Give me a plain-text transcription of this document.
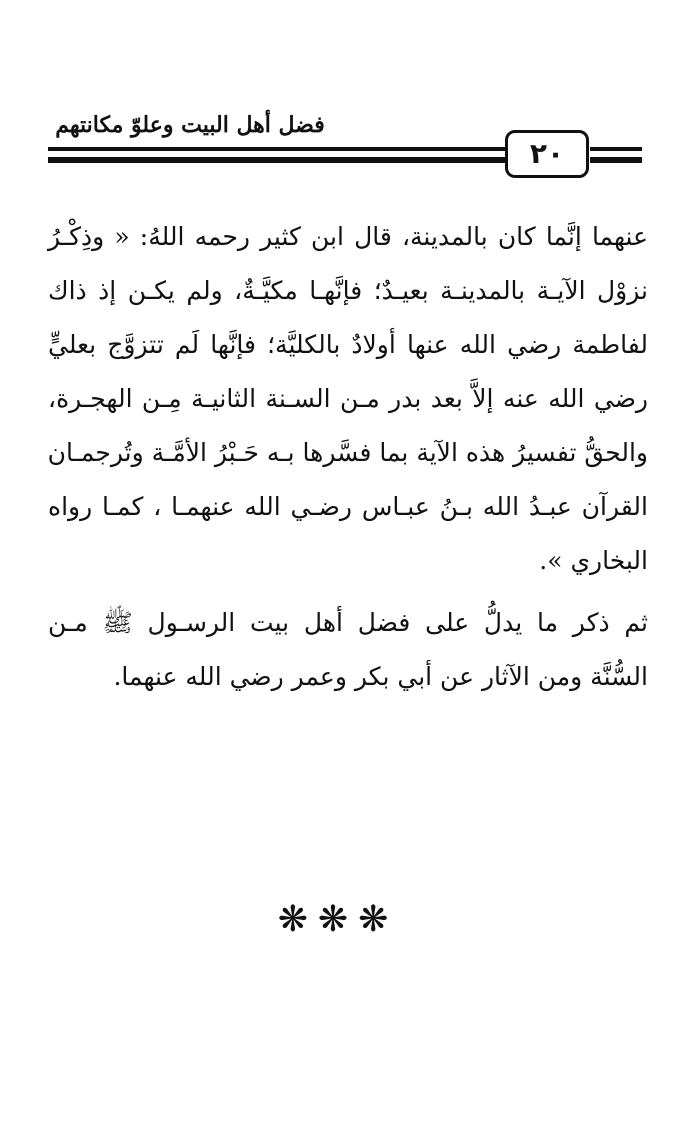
فضل أهل البيت وعلوّ مكانتهم
٢٠
عنهما إنَّما كان بالمدينة، قال ابن كثير رحمه اللهُ: « وذِكْـرُ
نزوْل الآيـة بالمدينـة بعيـدٌ؛ فإنَّهـا مكيَّـةٌ، ولم يكـن إذ ذاك
لفاطمة رضي الله عنها أولادٌ بالكليَّة؛ فإنَّها لَم تتزوَّج بعليٍّ
رضي الله عنه إلاَّ بعد بدر مـن السـنة الثانيـة مِـن الهجـرة،
والحقُّ تفسيرُ هذه الآية بما فسَّرها بـه حَـبْرُ الأمَّـة وتُرجمـان
القرآن عبـدُ الله بـنُ عبـاس رضـي الله عنهمـا ، كمـا رواه
البخاري ».
ثم ذكر ما يدلُّ على فضل أهل بيت الرسـول ﷺ مـن
السُّنَّة ومن الآثار عن أبي بكر وعمر رضي الله عنهما.
❋❋❋
